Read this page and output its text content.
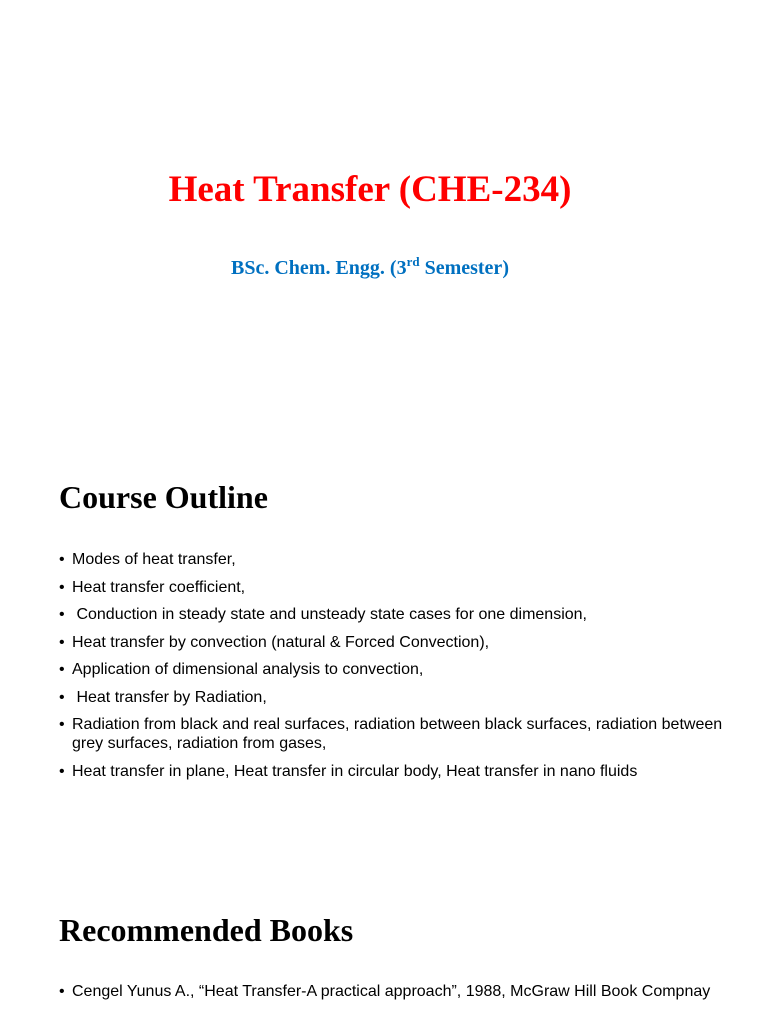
Heat Transfer (CHE-234)

BSc. Chem. Engg. (3rd Semester)

Course Outline
• Modes of heat transfer,
• Heat transfer coefficient,
• Conduction in steady state and unsteady state cases for one dimension,
• Heat transfer by convection (natural & Forced Convection),
• Application of dimensional analysis to convection,
• Heat transfer by Radiation,
• Radiation from black and real surfaces, radiation between black surfaces, radiation between grey surfaces, radiation from gases,
• Heat transfer in plane, Heat transfer in circular body, Heat transfer in nano fluids
Recommended Books
• Cengel Yunus A., “Heat Transfer-A practical approach”, 1988, McGraw Hill Book Compnay
